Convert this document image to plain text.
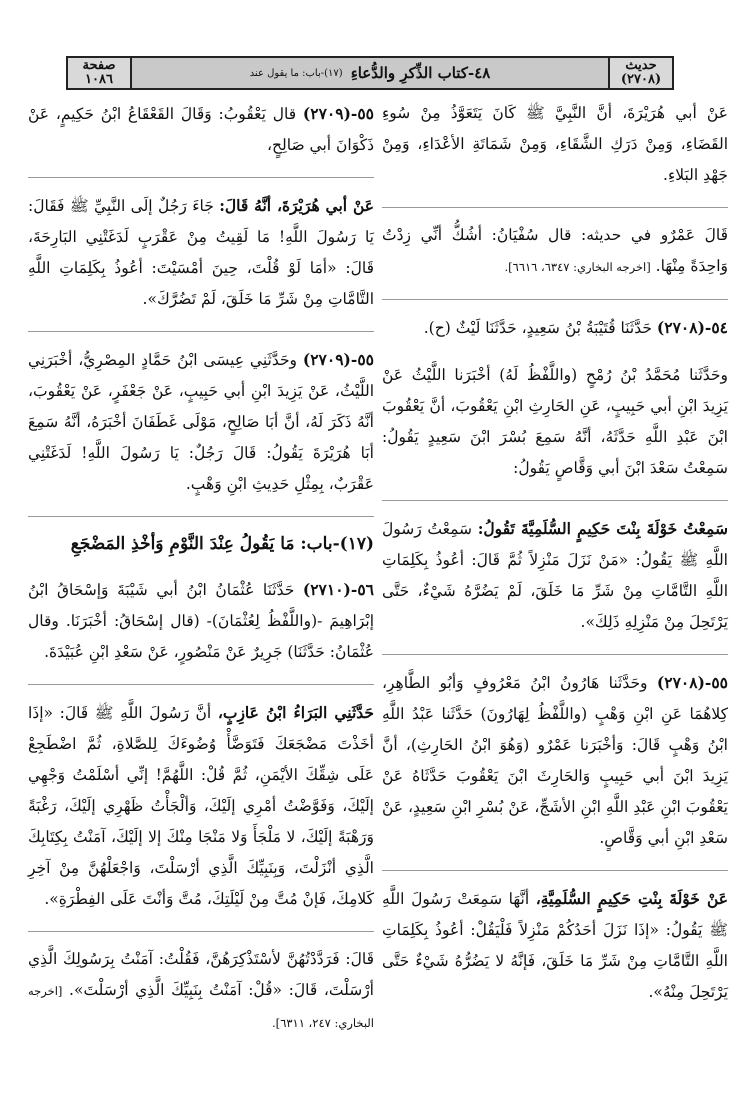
حديث
(٢٧٠٨)
٤٨-كتاب الذِّكرِ والدُّعاءِ
(١٧)-باب: ما يقول عند
صفحة
١٠٨٦

عَنْ أبي هُرَيْرَةَ، أنَّ النَّبِيَّ ﷺ كَانَ يَتَعَوَّذُ مِنْ سُوءِ القَضَاءِ، وَمِنْ دَرَكِ الشَّقَاءِ، وَمِنْ شَمَاتَةِ الأعْدَاءِ، وَمِنْ جَهْدِ البَلاءِ.

قَالَ عَمْرٌو في حديثه: قال سُفْيَانُ: أشُكُّ أنِّي زِدْتُ وَاحِدَةً مِنْهَا. [اخرجه البخاري: ٦٣٤٧، ٦٦١٦].

٥٤-(٢٧٠٨) حَدَّثَنَا قُتَيْبَةُ بْنُ سَعِيدٍ، حَدَّثَنَا لَيْثٌ (ح).

وحَدَّثَنا مُحَمَّدُ بْنُ رُمْحٍ (واللَّفْظُ لَهُ) أخْبَرَنا اللَّيْثُ عَنْ يَزِيدَ ابْنِ أبي حَبِيبٍ، عَنِ الحَارِثِ ابْنِ يَعْقُوبَ، أنَّ يَعْقُوبَ ابْنَ عَبْدِ اللَّهِ حَدَّثَهُ، أنَّهُ سَمِعَ بُسْرَ ابْنَ سَعِيدٍ يَقُولُ: سَمِعْتُ سَعْدَ ابْنَ أبي وَقَّاصٍ يَقُولُ:

سَمِعْتُ خَوْلَةَ بِنْتَ حَكِيمٍ السُّلَمِيَّةَ تَقُولُ: سَمِعْتُ رَسُولَ اللَّهِ ﷺ يَقُولُ: «مَنْ نَزَلَ مَنْزِلاً ثُمَّ قَالَ: أعُوذُ بِكَلِمَاتِ اللَّهِ التَّامَّاتِ مِنْ شَرِّ مَا خَلَقَ، لَمْ يَضُرَّهُ شَيْءٌ، حَتَّى يَرْتَحِلَ مِنْ مَنْزِلِهِ ذَلِكَ».

٥٥-(٢٧٠٨) وحَدَّثَنا هَارُونُ ابْنُ مَعْرُوفٍ وَأبُو الطَّاهِرِ، كِلاهُمَا عَنِ ابْنِ وَهْبٍ (واللَّفْظُ لِهَارُونَ) حَدَّثَنا عَبْدُ اللَّهِ ابْنُ وَهْبٍ قَالَ: وَأخْبَرَنا عَمْرٌو (وَهُوَ ابْنُ الحَارِثِ)، أنَّ يَزِيدَ ابْنَ أبي حَبِيبٍ وَالحَارِثَ ابْنَ يَعْقُوبَ حَدَّثَاهُ عَنْ يَعْقُوبَ ابْنِ عَبْدِ اللَّهِ ابْنِ الأشَجِّ، عَنْ بُسْرِ ابْنِ سَعِيدٍ، عَنْ سَعْدِ ابْنِ أبي وَقَّاصٍ.

عَنْ خَوْلَةَ بِنْتِ حَكِيمٍ السُّلَمِيَّةِ، أنَّهَا سَمِعَتْ رَسُولَ اللَّهِ ﷺ يَقُولُ: «إذَا نَزَلَ أحَدُكُمْ مَنْزِلاً فَلْيَقُلْ: أعُوذُ بِكَلِمَاتِ اللَّهِ التَّامَّاتِ مِنْ شَرِّ مَا خَلَقَ، فَإنَّهُ لا يَضُرُّهُ شَيْءٌ حَتَّى يَرْتَحِلَ مِنْهُ».

٥٥-(٢٧٠٩) قال يَعْقُوبُ: وَقَالَ القَعْقَاعُ ابْنُ حَكِيمٍ، عَنْ ذَكْوَانَ أبي صَالِحٍ،

عَنْ أبي هُرَيْرَةَ، أنَّهُ قَالَ: جَاءَ رَجُلٌ إلَى النَّبِيِّ ﷺ فَقَالَ: يَا رَسُولَ اللَّهِ! مَا لَقِيتُ مِنْ عَقْرَبٍ لَدَغَتْنِي البَارِحَةَ، قَالَ: «أمَا لَوْ قُلْتَ، حِينَ أمْسَيْتَ: أعُوذُ بِكَلِمَاتِ اللَّهِ التَّامَّاتِ مِنْ شَرِّ مَا خَلَقَ، لَمْ تَضُرَّكَ».

٥٥-(٢٧٠٩) وحَدَّثَنِي عِيسَى ابْنُ حَمَّادٍ المِصْرِيُّ، أخْبَرَنِي اللَّيْثُ، عَنْ يَزِيدَ ابْنِ أبي حَبِيبٍ، عَنْ جَعْفَرٍ، عَنْ يَعْقُوبَ، أنَّهُ ذَكَرَ لَهُ، أنَّ أبَا صَالِحٍ، مَوْلَى غَطَفَانَ أخْبَرَهُ، أنَّهُ سَمِعَ أبَا هُرَيْرَةَ يَقُولُ: قَالَ رَجُلٌ: يَا رَسُولَ اللَّهِ! لَدَغَتْنِي عَقْرَبٌ، بِمِثْلِ حَدِيثِ ابْنِ وَهْبٍ.

(١٧)-باب: مَا يَقُولُ عِنْدَ النَّوْمِ وَأخْذِ المَضْجَعِ

٥٦-(٢٧١٠) حَدَّثَنَا عُثْمَانُ ابْنُ أبي شَيْبَةَ وَإسْحَاقُ ابْنُ إبْرَاهِيمَ -(واللَّفْظُ لِعُثْمَانَ)- (قال إسْحَاقُ: أخْبَرَنَا. وقال عُثْمَانُ: حَدَّثَنَا) جَرِيرٌ عَنْ مَنْصُورٍ، عَنْ سَعْدِ ابْنِ عُبَيْدَةَ.

حَدَّثَنِي البَرَاءُ ابْنُ عَازِبٍ، أنَّ رَسُولَ اللَّهِ ﷺ قَالَ: «إذَا أخَذْتَ مَضْجَعَكَ فَتَوَضَّأْ وُضُوءَكَ لِلصَّلاةِ، ثُمَّ اضْطَجِعْ عَلَى شِقِّكَ الأيْمَنِ، ثُمَّ قُلْ: اللَّهُمَّ! إنِّي أسْلَمْتُ وَجْهِي إلَيْكَ، وَفَوَّضْتُ أمْرِي إلَيْكَ، وَألْجَأْتُ ظَهْرِي إلَيْكَ، رَغْبَةً وَرَهْبَةً إلَيْكَ، لا مَلْجَأَ وَلا مَنْجَا مِنْكَ إلا إلَيْكَ، آمَنْتُ بِكِتَابِكَ الَّذِي أنْزَلْتَ، وَبِنَبِيِّكَ الَّذِي أرْسَلْتَ، وَاجْعَلْهُنَّ مِنْ آخِرِ كَلامِكَ، فَإنْ مُتَّ مِنْ لَيْلَتِكَ، مُتَّ وَأنْتَ عَلَى الفِطْرَةِ».

قَالَ: فَرَدَّدْتُهُنَّ لأسْتَذْكِرَهُنَّ، فَقُلْتُ: آمَنْتُ بِرَسُولِكَ الَّذِي أرْسَلْتَ، قَالَ: «قُلْ: آمَنْتُ بِنَبِيِّكَ الَّذِي أرْسَلْتَ». [اخرجه البخاري: ٢٤٧، ٦٣١١].
